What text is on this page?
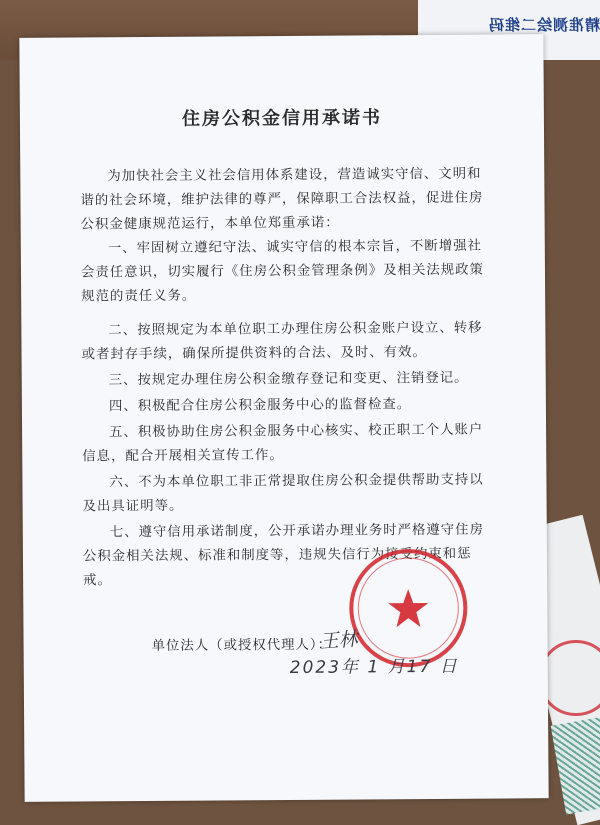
精准测绘二维码
住房公积金信用承诺书

为加快社会主义社会信用体系建设，营造诚实守信、文明和谐的社会环境，维护法律的尊严，保障职工合法权益，促进住房公积金健康规范运行，本单位郑重承诺：

一、牢固树立遵纪守法、诚实守信的根本宗旨，不断增强社会责任意识，切实履行《住房公积金管理条例》及相关法规政策规范的责任义务。

二、按照规定为本单位职工办理住房公积金账户设立、转移或者封存手续，确保所提供资料的合法、及时、有效。

三、按规定办理住房公积金缴存登记和变更、注销登记。

四、积极配合住房公积金服务中心的监督检查。

五、积极协助住房公积金服务中心核实、校正职工个人账户信息，配合开展相关宣传工作。

六、不为本单位职工非正常提取住房公积金提供帮助支持以及出具证明等。

七、遵守信用承诺制度，公开承诺办理业务时严格遵守住房公积金相关法规、标准和制度等，违规失信行为接受约束和惩戒。

单位法人（或授权代理人）：
王林
2023年 1 月17 日
